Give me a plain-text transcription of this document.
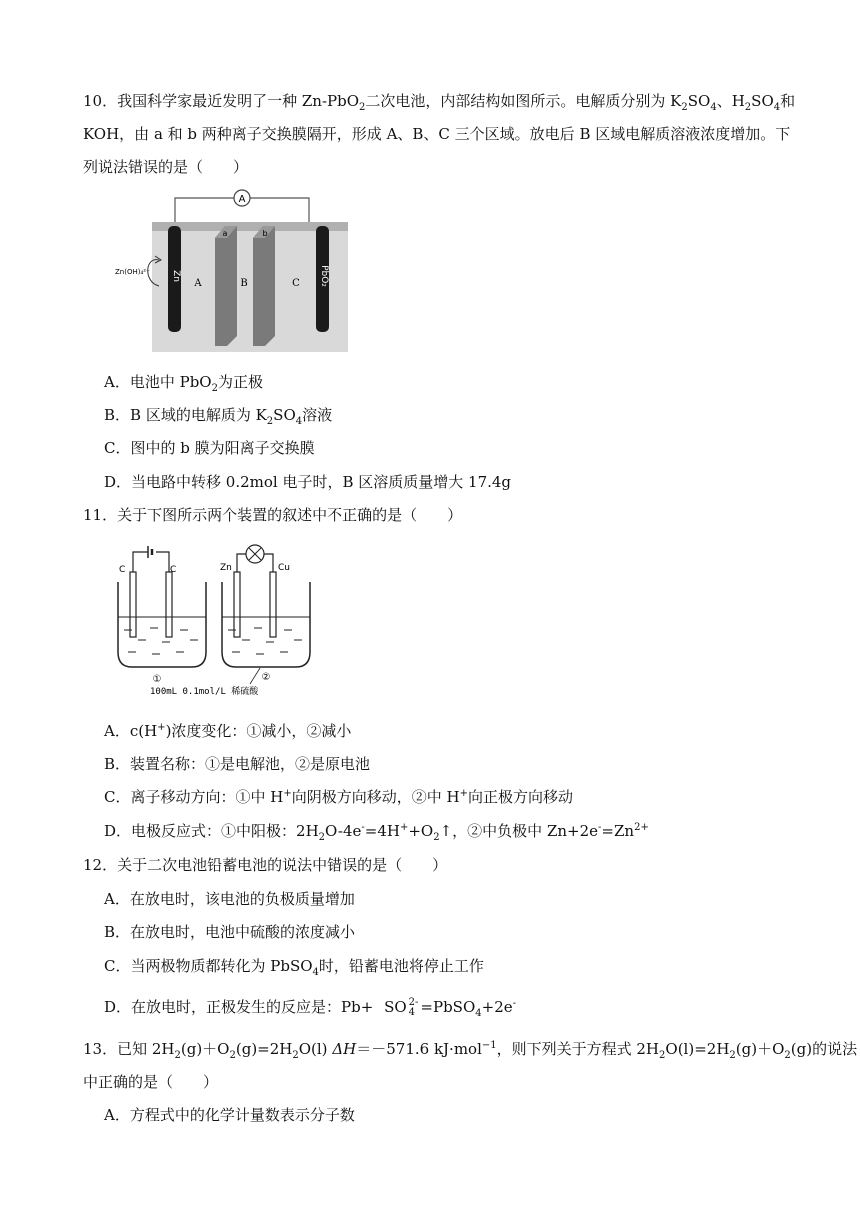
10．我国科学家最近发明了一种 Zn-PbO$_2$二次电池，内部结构如图所示。电解质分别为 $K_2SO_4$、$H_2SO_4$和
KOH，由 a 和 b 两种离子交换膜隔开，形成 A、B、C 三个区域。放电后 B 区域电解质溶液浓度增加。下
列说法错误的是（　　）
A
Zn	PbO₂
a	b
A	B	C
Zn(OH)₄²⁻
A．电池中 PbO$_2$为正极
B．B 区域的电解质为 $K_2SO_4$溶液
C．图中的 b 膜为阳离子交换膜
D．当电路中转移 0.2mol 电子时，B 区溶质质量增大 17.4g
11．关于下图所示两个装置的叙述中不正确的是（　　）
C	C
①
Zn	Cu
②
100mL 0.1mol/L 稀硫酸
A．c(H+)浓度变化：①减小，②减小
B．装置名称：①是电解池，②是原电池
C．离子移动方向：①中 H+向阴极方向移动，②中 H+向正极方向移动
D．电极反应式：①中阳极：$2H_2O-4e^-=4H^++O_2↑$，②中负极中 $Zn+2e^-=Zn^{2+}$
12．关于二次电池铅蓄电池的说法中错误的是（　　）
A．在放电时，该电池的负极质量增加
B．在放电时，电池中硫酸的浓度减小
C．当两极物质都转化为 PbSO$_4$时，铅蓄电池将停止工作
D．在放电时，正极发生的反应是：Pb+ SO 2-
4 =PbSO$_4$+2e-
13．已知 $2H_2(g)+O_2(g)=2H_2O(l)$ ΔH＝－571.6 kJ·mol$^{-1}$，则下列关于方程式 $2H_2O(l)=2H_2(g)+O_2(g)$的说法
中正确的是（　　）
A．方程式中的化学计量数表示分子数
